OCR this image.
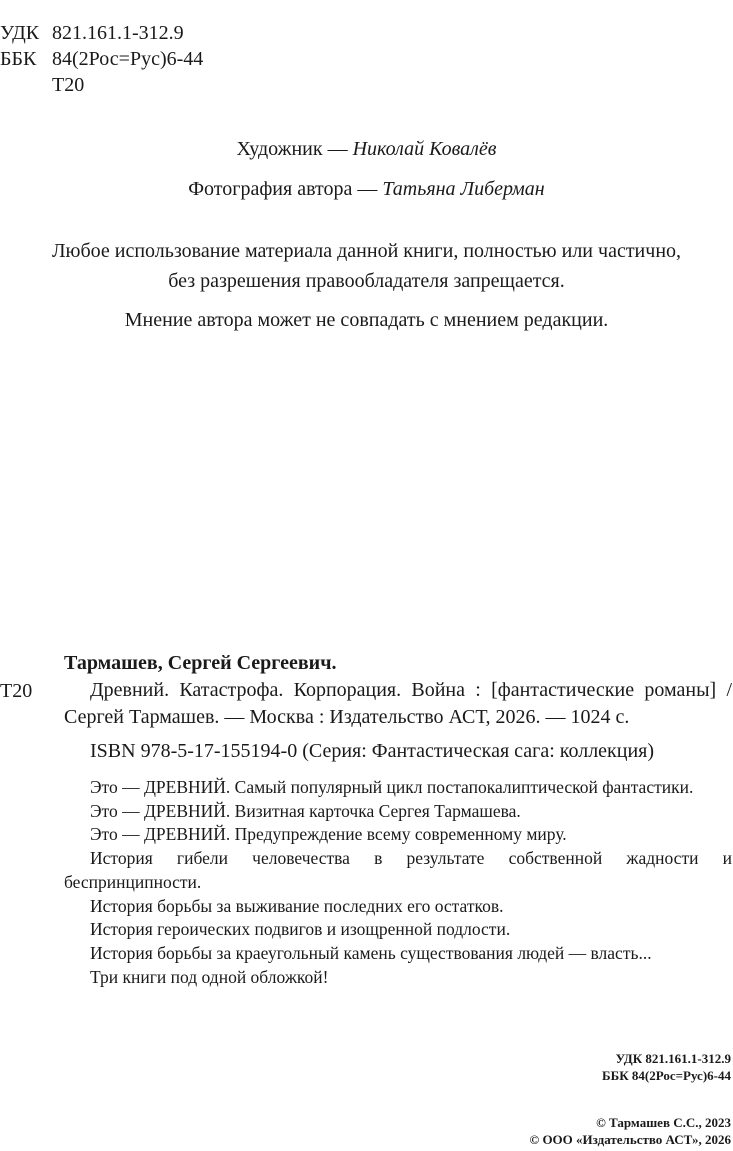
УДК 821.161.1-312.9
ББК 84(2Рос=Рус)6-44
Т20
Художник — Николай Ковалёв
Фотография автора — Татьяна Либерман
Любое использование материала данной книги, полностью или частично,
без разрешения правообладателя запрещается.
Мнение автора может не совпадать с мнением редакции.
Тармашев, Сергей Сергеевич.
Т20	Древний. Катастрофа. Корпорация. Война : [фантастические романы] / Сергей Тармашев. — Москва : Издательство АСТ, 2026. — 1024 с.
ISBN 978-5-17-155194-0 (Серия: Фантастическая сага: коллекция)

Это — ДРЕВНИЙ. Самый популярный цикл постапокалиптической фантастики.

Это — ДРЕВНИЙ. Визитная карточка Сергея Тармашева.

Это — ДРЕВНИЙ. Предупреждение всему современному миру.

История гибели человечества в результате собственной жадности и беспринципности.

История борьбы за выживание последних его остатков.

История героических подвигов и изощренной подлости.

История борьбы за краеугольный камень существования людей — власть...

Три книги под одной обложкой!

УДК 821.161.1-312.9
ББК 84(2Рос=Рус)6-44
© Тармашев С.С., 2023
© ООО «Издательство АСТ», 2026
